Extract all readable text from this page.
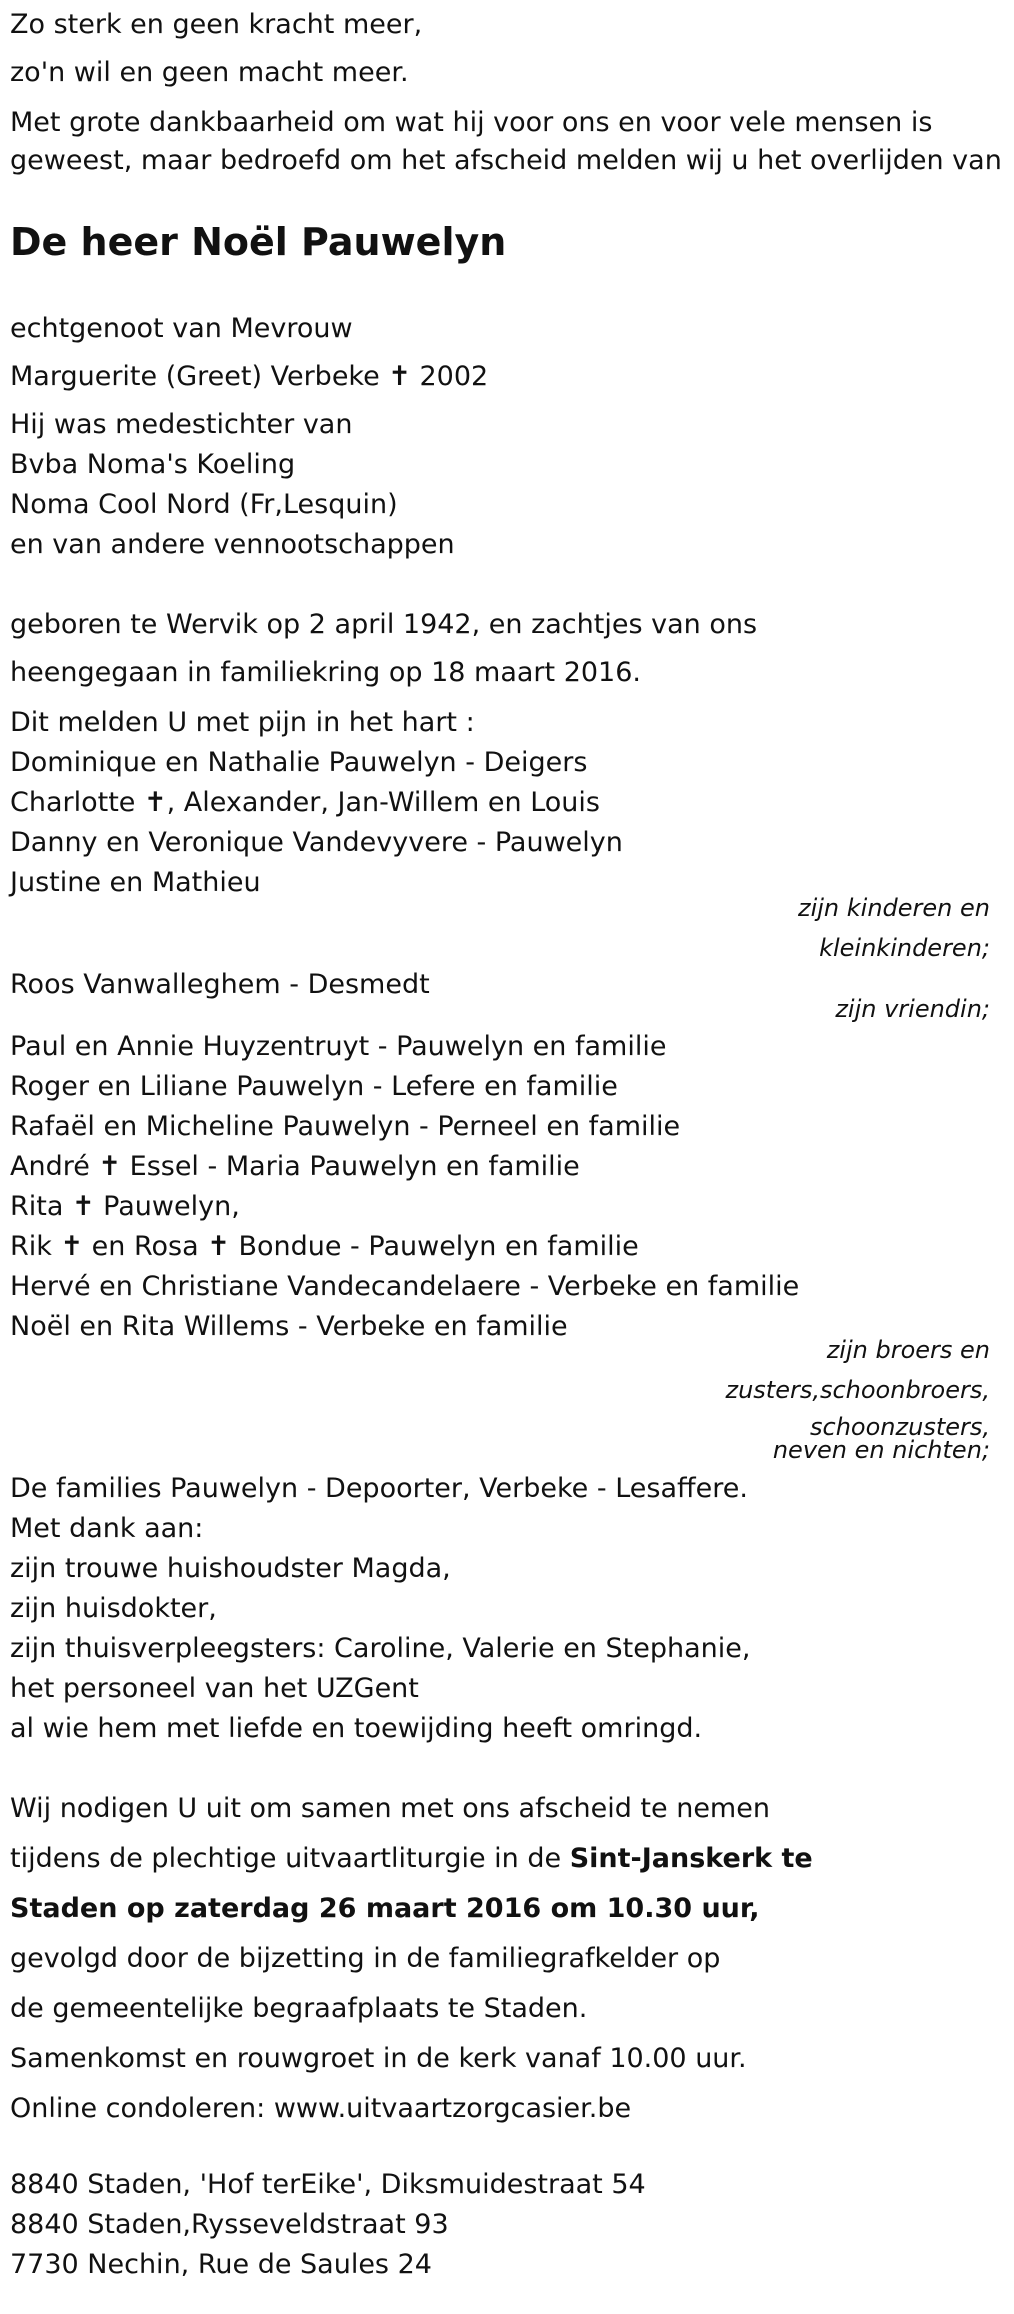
Zo sterk en geen kracht meer,

zo'n wil en geen macht meer.

Met grote dankbaarheid om wat hij voor ons en voor vele mensen is

geweest, maar bedroefd om het afscheid melden wij u het overlijden van

De heer Noël Pauwelyn

echtgenoot van Mevrouw

Marguerite (Greet) Verbeke ✝ 2002

Hij was medestichter van

Bvba Noma's Koeling

Noma Cool Nord (Fr,Lesquin)

en van andere vennootschappen

geboren te Wervik op 2 april 1942, en zachtjes van ons

heengegaan in familiekring op 18 maart 2016.

Dit melden U met pijn in het hart :

Dominique en Nathalie Pauwelyn - Deigers

Charlotte ✝, Alexander, Jan-Willem en Louis

Danny en Veronique Vandevyvere - Pauwelyn

Justine en Mathieu

zijn kinderen en

kleinkinderen;

Roos Vanwalleghem - Desmedt

zijn vriendin;

Paul en Annie Huyzentruyt - Pauwelyn en familie

Roger en Liliane Pauwelyn - Lefere en familie

Rafaël en Micheline Pauwelyn - Perneel en familie

André ✝ Essel - Maria Pauwelyn en familie

Rita ✝ Pauwelyn,

Rik ✝ en Rosa ✝ Bondue - Pauwelyn en familie

Hervé en Christiane Vandecandelaere - Verbeke en familie

Noël en Rita Willems - Verbeke en familie

zijn broers en

zusters,schoonbroers,

schoonzusters,

neven en nichten;

De families Pauwelyn - Depoorter, Verbeke - Lesaffere.

Met dank aan:

zijn trouwe huishoudster Magda,

zijn huisdokter,

zijn thuisverpleegsters: Caroline, Valerie en Stephanie,

het personeel van het UZGent

al wie hem met liefde en toewijding heeft omringd.

Wij nodigen U uit om samen met ons afscheid te nemen

tijdens de plechtige uitvaartliturgie in de Sint-Janskerk te

Staden op zaterdag 26 maart 2016 om 10.30 uur,

gevolgd door de bijzetting in de familiegrafkelder op

de gemeentelijke begraafplaats te Staden.

Samenkomst en rouwgroet in de kerk vanaf 10.00 uur.

Online condoleren: www.uitvaartzorgcasier.be

8840 Staden, 'Hof terEike', Diksmuidestraat 54

8840 Staden,Rysseveldstraat 93

7730 Nechin, Rue de Saules 24
